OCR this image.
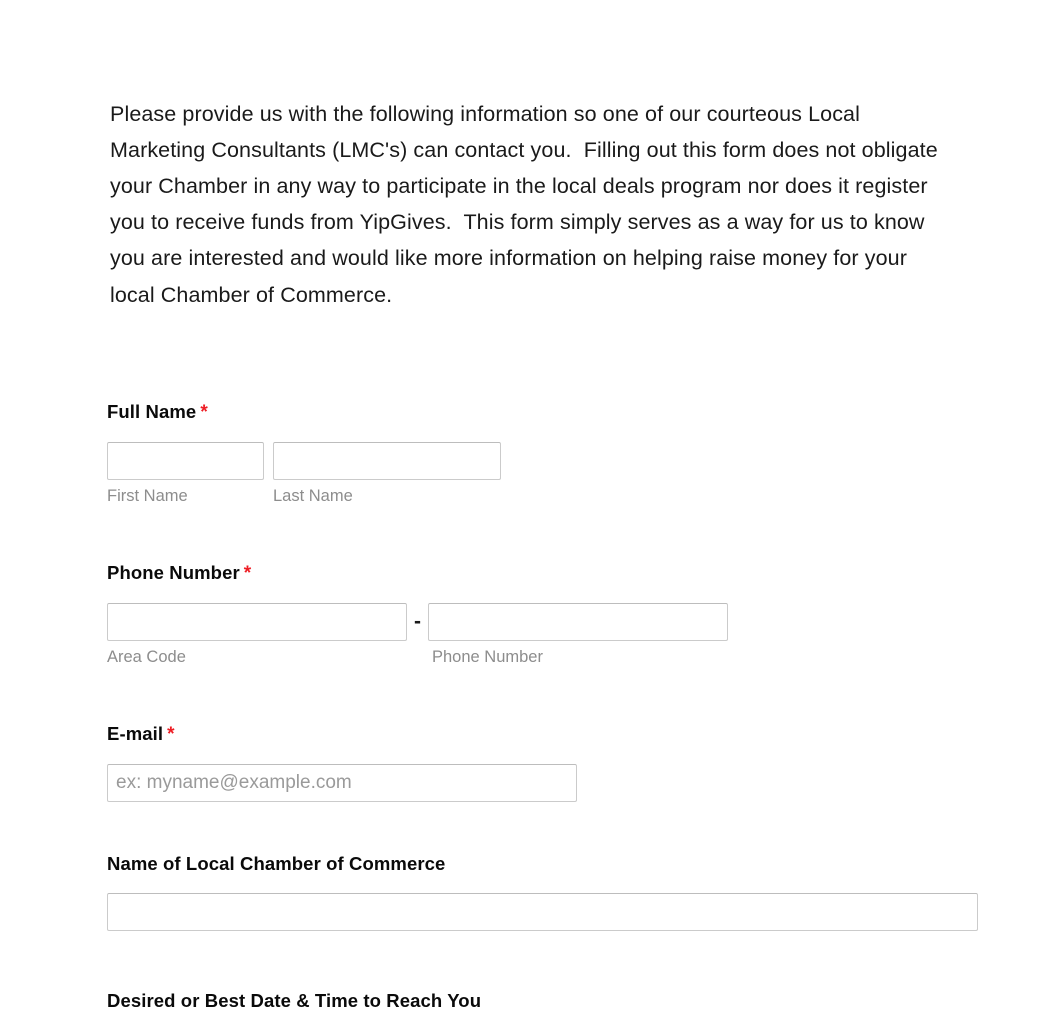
Please provide us with the following information so one of our courteous Local Marketing Consultants (LMC's) can contact you.  Filling out this form does not obligate your Chamber in any way to participate in the local deals program nor does it register you to receive funds from YipGives.  This form simply serves as a way for us to know you are interested and would like more information on helping raise money for your local Chamber of Commerce.

Full Name *
First Name	Last Name
Phone Number *
-
Area Code	Phone Number
E-mail *
ex: myname@example.com
Name of Local Chamber of Commerce
Desired or Best Date & Time to Reach You
